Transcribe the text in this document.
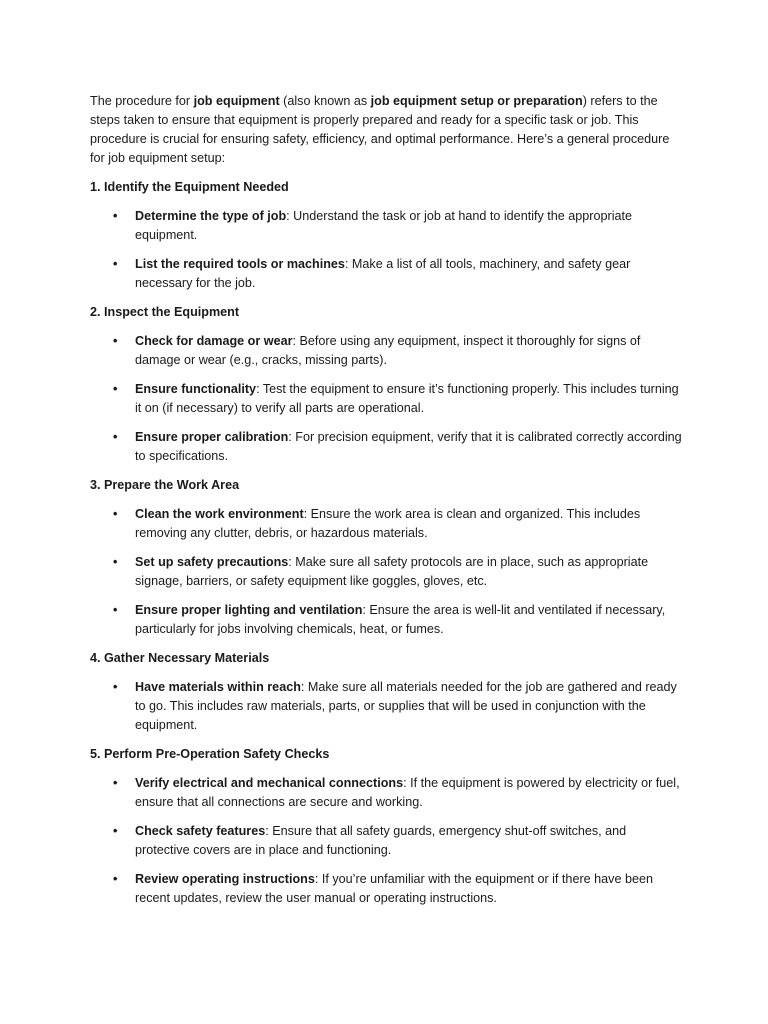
The procedure for job equipment (also known as job equipment setup or preparation) refers to the steps taken to ensure that equipment is properly prepared and ready for a specific task or job. This procedure is crucial for ensuring safety, efficiency, and optimal performance. Here’s a general procedure for job equipment setup:

1. Identify the Equipment Needed

• Determine the type of job: Understand the task or job at hand to identify the appropriate equipment.
• List the required tools or machines: Make a list of all tools, machinery, and safety gear necessary for the job.

2. Inspect the Equipment

• Check for damage or wear: Before using any equipment, inspect it thoroughly for signs of damage or wear (e.g., cracks, missing parts).
• Ensure functionality: Test the equipment to ensure it’s functioning properly. This includes turning it on (if necessary) to verify all parts are operational.
• Ensure proper calibration: For precision equipment, verify that it is calibrated correctly according to specifications.

3. Prepare the Work Area

• Clean the work environment: Ensure the work area is clean and organized. This includes removing any clutter, debris, or hazardous materials.
• Set up safety precautions: Make sure all safety protocols are in place, such as appropriate signage, barriers, or safety equipment like goggles, gloves, etc.
• Ensure proper lighting and ventilation: Ensure the area is well-lit and ventilated if necessary, particularly for jobs involving chemicals, heat, or fumes.

4. Gather Necessary Materials

• Have materials within reach: Make sure all materials needed for the job are gathered and ready to go. This includes raw materials, parts, or supplies that will be used in conjunction with the equipment.

5. Perform Pre-Operation Safety Checks

• Verify electrical and mechanical connections: If the equipment is powered by electricity or fuel, ensure that all connections are secure and working.
• Check safety features: Ensure that all safety guards, emergency shut-off switches, and protective covers are in place and functioning.
• Review operating instructions: If you’re unfamiliar with the equipment or if there have been recent updates, review the user manual or operating instructions.
